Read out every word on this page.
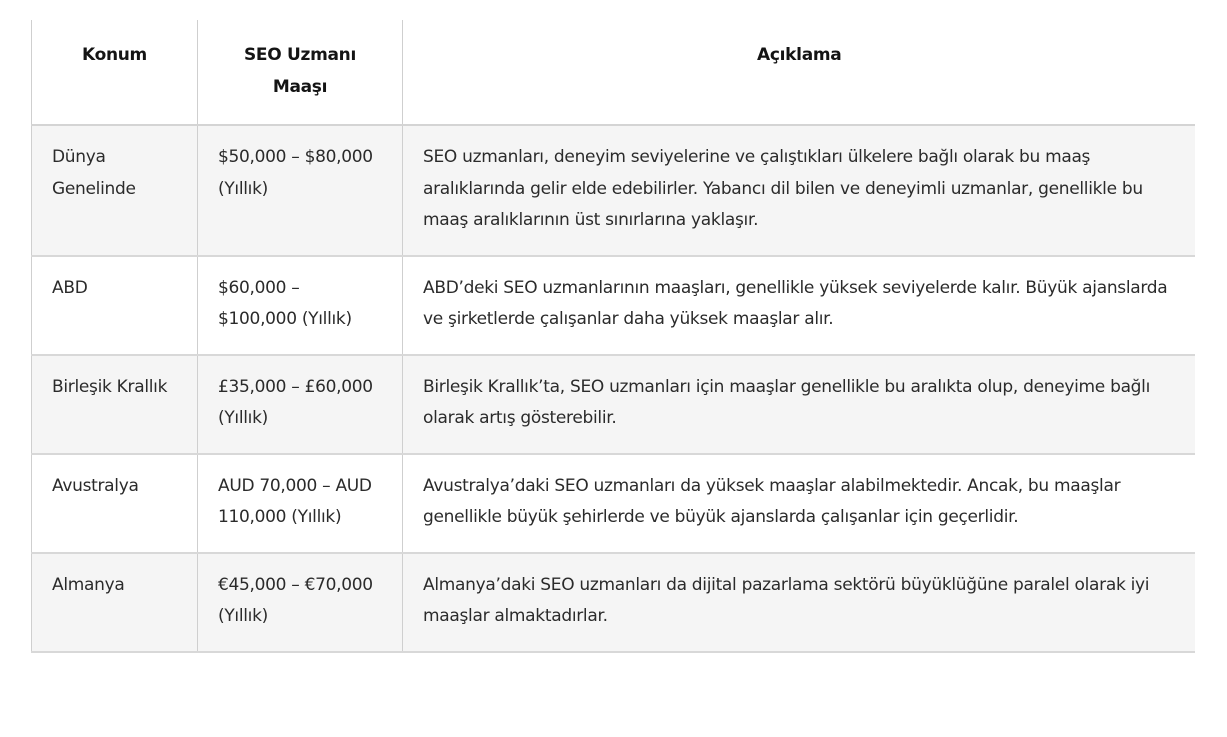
Konum	SEO Uzmanı Maaşı	Açıklama
Dünya Genelinde	$50,000 – $80,000 (Yıllık)	SEO uzmanları, deneyim seviyelerine ve çalıştıkları ülkelere bağlı olarak bu maaş aralıklarında gelir elde edebilirler. Yabancı dil bilen ve deneyimli uzmanlar, genellikle bu maaş aralıklarının üst sınırlarına yaklaşır.
ABD	$60,000 – $100,000 (Yıllık)	ABD’deki SEO uzmanlarının maaşları, genellikle yüksek seviyelerde kalır. Büyük ajanslarda ve şirketlerde çalışanlar daha yüksek maaşlar alır.
Birleşik Krallık	£35,000 – £60,000 (Yıllık)	Birleşik Krallık’ta, SEO uzmanları için maaşlar genellikle bu aralıkta olup, deneyime bağlı olarak artış gösterebilir.
Avustralya	AUD 70,000 – AUD 110,000 (Yıllık)	Avustralya’daki SEO uzmanları da yüksek maaşlar alabilmektedir. Ancak, bu maaşlar genellikle büyük şehirlerde ve büyük ajanslarda çalışanlar için geçerlidir.
Almanya	€45,000 – €70,000 (Yıllık)	Almanya’daki SEO uzmanları da dijital pazarlama sektörü büyüklüğüne paralel olarak iyi maaşlar almaktadırlar.
